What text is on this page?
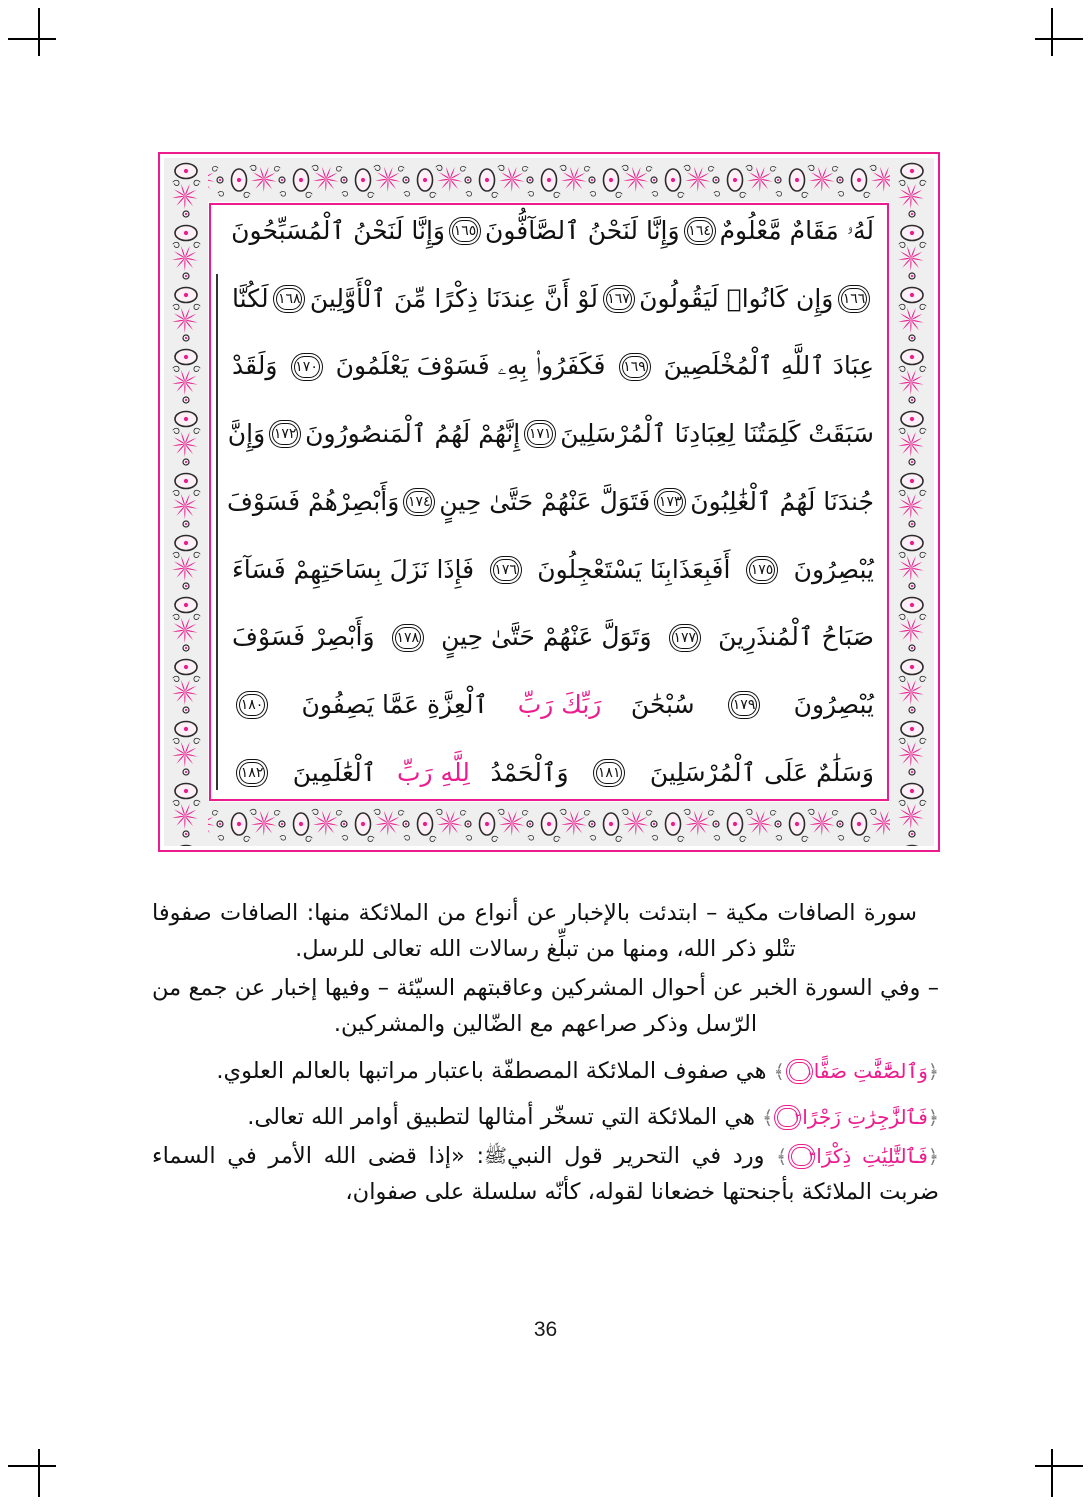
لَهُۥ مَقَامٌ مَّعْلُومٌ
١٦٤
وَإِنَّا لَنَحْنُ ٱلصَّآفُّونَ
١٦٥
وَإِنَّا لَنَحْنُ ٱلْمُسَبِّحُونَ
١٦٦
وَإِن كَانُوا۟ لَيَقُولُونَ
١٦٧
لَوْ أَنَّ عِندَنَا ذِكْرًا مِّنَ ٱلْأَوَّلِينَ
١٦٨
لَكُنَّا
عِبَادَ ٱللَّهِ ٱلْمُخْلَصِينَ
١٦٩
فَكَفَرُوا۟ بِهِۦ فَسَوْفَ يَعْلَمُونَ
١٧٠
وَلَقَدْ
سَبَقَتْ كَلِمَتُنَا لِعِبَادِنَا ٱلْمُرْسَلِينَ
١٧١
إِنَّهُمْ لَهُمُ ٱلْمَنصُورُونَ
١٧٢
وَإِنَّ
جُندَنَا لَهُمُ ٱلْغَٰلِبُونَ
١٧٣
فَتَوَلَّ عَنْهُمْ حَتَّىٰ حِينٍ
١٧٤
وَأَبْصِرْهُمْ فَسَوْفَ
يُبْصِرُونَ
١٧٥
أَفَبِعَذَابِنَا يَسْتَعْجِلُونَ
١٧٦
فَإِذَا نَزَلَ بِسَاحَتِهِمْ فَسَآءَ
صَبَاحُ ٱلْمُنذَرِينَ
١٧٧
وَتَوَلَّ عَنْهُمْ حَتَّىٰ حِينٍ
١٧٨
وَأَبْصِرْ فَسَوْفَ
يُبْصِرُونَ
١٧٩
سُبْحَٰنَ
رَبِّكَ رَبِّ
ٱلْعِزَّةِ عَمَّا يَصِفُونَ
١٨٠
وَسَلَٰمٌ عَلَى ٱلْمُرْسَلِينَ
١٨١
وَٱلْحَمْدُ
لِلَّهِ رَبِّ
ٱلْعَٰلَمِينَ
١٨٢

سورة الصافات مكية – ابتدئت بالإخبار عن أنواع من الملائكة منها: الصافات صفوفا تتْلو ذكر الله، ومنها من تبلِّغ رسالات الله تعالى للرسل.

– وفي السورة الخبر عن أحوال المشركين وعاقبتهم السيّئة – وفيها إخبار عن جمع من الرّسل وذكر صراعهم مع الضّالين والمشركين.

﴿وَٱلصَّٰٓفَّٰتِ صَفًّا١﴾ هي صفوف الملائكة المصطفّة باعتبار مراتبها بالعالم العلوي.

﴿فَٱلزَّٰجِرَٰتِ زَجْرًا٢﴾ هي الملائكة التي تسخّر أمثالها لتطبيق أوامر الله تعالى.

﴿فَٱلتَّٰلِيَٰتِ ذِكْرًا٣﴾ ورد في التحرير قول النبيﷺ: «إذا قضى الله الأمر في السماء ضربت الملائكة بأجنحتها خضعانا لقوله، كأنّه سلسلة على صفوان،

36
